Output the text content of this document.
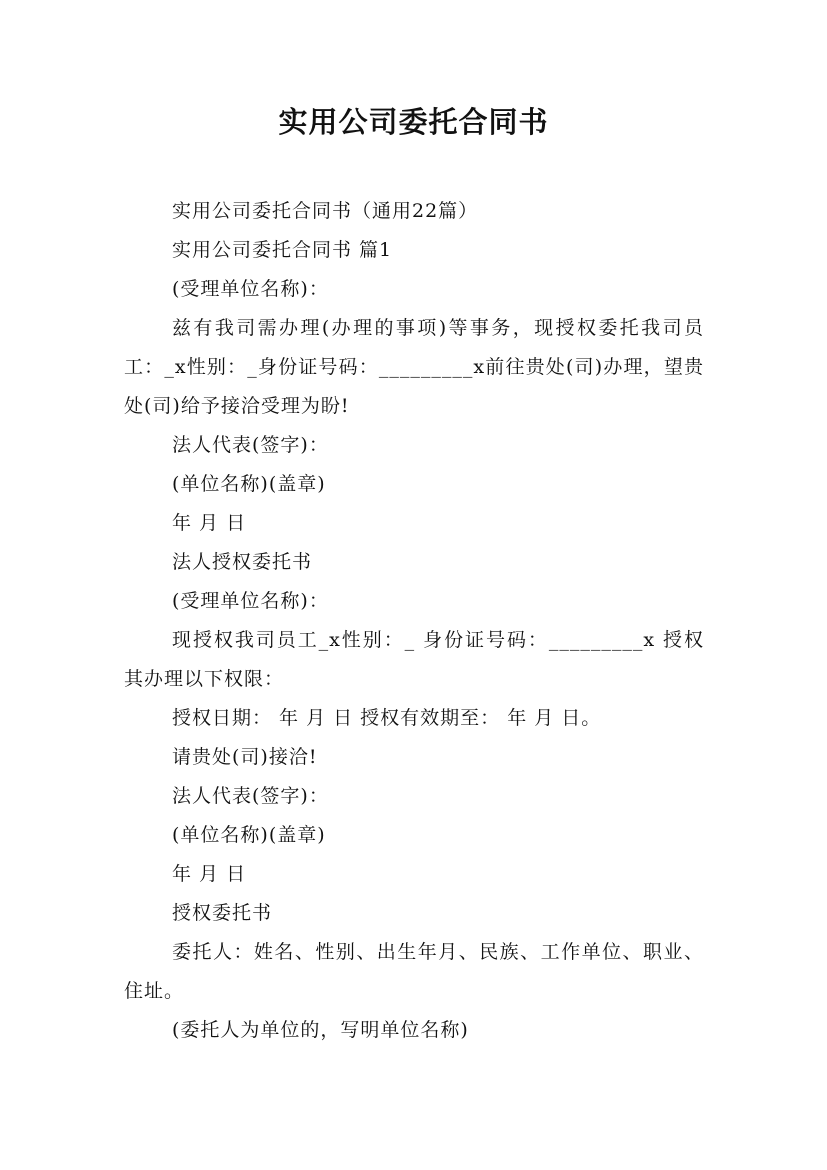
实用公司委托合同书

实用公司委托合同书（通用22篇）

实用公司委托合同书 篇1

(受理单位名称)：

兹有我司需办理(办理的事项)等事务，现授权委托我司员工：_x性别：_身份证号码：_________x前往贵处(司)办理，望贵处(司)给予接洽受理为盼!

法人代表(签字)：

(单位名称)(盖章)

年 月 日

法人授权委托书

(受理单位名称)：

现授权我司员工_x性别：_ 身份证号码：_________x 授权其办理以下权限：

授权日期： 年 月 日 授权有效期至： 年 月 日。

请贵处(司)接洽!

法人代表(签字)：

(单位名称)(盖章)

年 月 日

授权委托书

委托人：姓名、性别、出生年月、民族、工作单位、职业、住址。

(委托人为单位的，写明单位名称)
